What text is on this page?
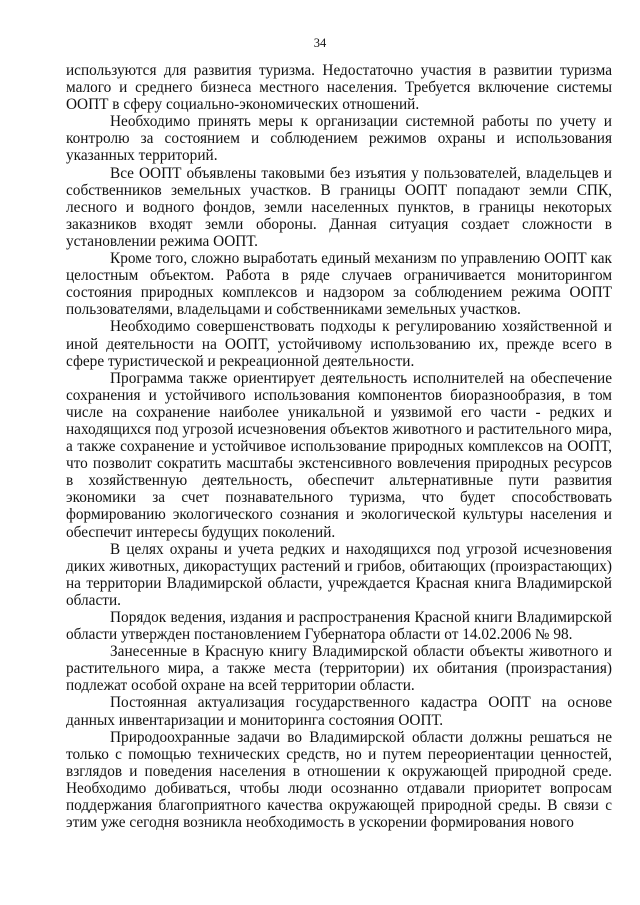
34

используются для развития туризма. Недостаточно участия в развитии туризма малого и среднего бизнеса местного населения. Требуется включение системы ООПТ в сферу социально-экономических отношений.

Необходимо принять меры к организации системной работы по учету и контролю за состоянием и соблюдением режимов охраны и использования указанных территорий.

Все ООПТ объявлены таковыми без изъятия у пользователей, владельцев и собственников земельных участков. В границы ООПТ попадают земли СПК, лесного и водного фондов, земли населенных пунктов, в границы некоторых заказников входят земли обороны. Данная ситуация создает сложности в установлении режима ООПТ.

Кроме того, сложно выработать единый механизм по управлению ООПТ как целостным объектом. Работа в ряде случаев ограничивается мониторингом состояния природных комплексов и надзором за соблюдением режима ООПТ пользователями, владельцами и собственниками земельных участков.

Необходимо совершенствовать подходы к регулированию хозяйственной и иной деятельности на ООПТ, устойчивому использованию их, прежде всего в сфере туристической и рекреационной деятельности.

Программа также ориентирует деятельность исполнителей на обеспечение сохранения и устойчивого использования компонентов биоразнообразия, в том числе на сохранение наиболее уникальной и уязвимой его части - редких и находящихся под угрозой исчезновения объектов животного и растительного мира, а также сохранение и устойчивое использование природных комплексов на ООПТ, что позволит сократить масштабы экстенсивного вовлечения природных ресурсов в хозяйственную деятельность, обеспечит альтернативные пути развития экономики за счет познавательного туризма, что будет способствовать формированию экологического сознания и экологической культуры населения и обеспечит интересы будущих поколений.

В целях охраны и учета редких и находящихся под угрозой исчезновения диких животных, дикорастущих растений и грибов, обитающих (произрастающих) на территории Владимирской области, учреждается Красная книга Владимирской области.

Порядок ведения, издания и распространения Красной книги Владимирской области утвержден постановлением Губернатора области от 14.02.2006 № 98.

Занесенные в Красную книгу Владимирской области объекты животного и растительного мира, а также места (территории) их обитания (произрастания) подлежат особой охране на всей территории области.

Постоянная актуализация государственного кадастра ООПТ на основе данных инвентаризации и мониторинга состояния ООПТ.

Природоохранные задачи во Владимирской области должны решаться не только с помощью технических средств, но и путем переориентации ценностей, взглядов и поведения населения в отношении к окружающей природной среде. Необходимо добиваться, чтобы люди осознанно отдавали приоритет вопросам поддержания благоприятного качества окружающей природной среды. В связи с этим уже сегодня возникла необходимость в ускорении формирования нового
